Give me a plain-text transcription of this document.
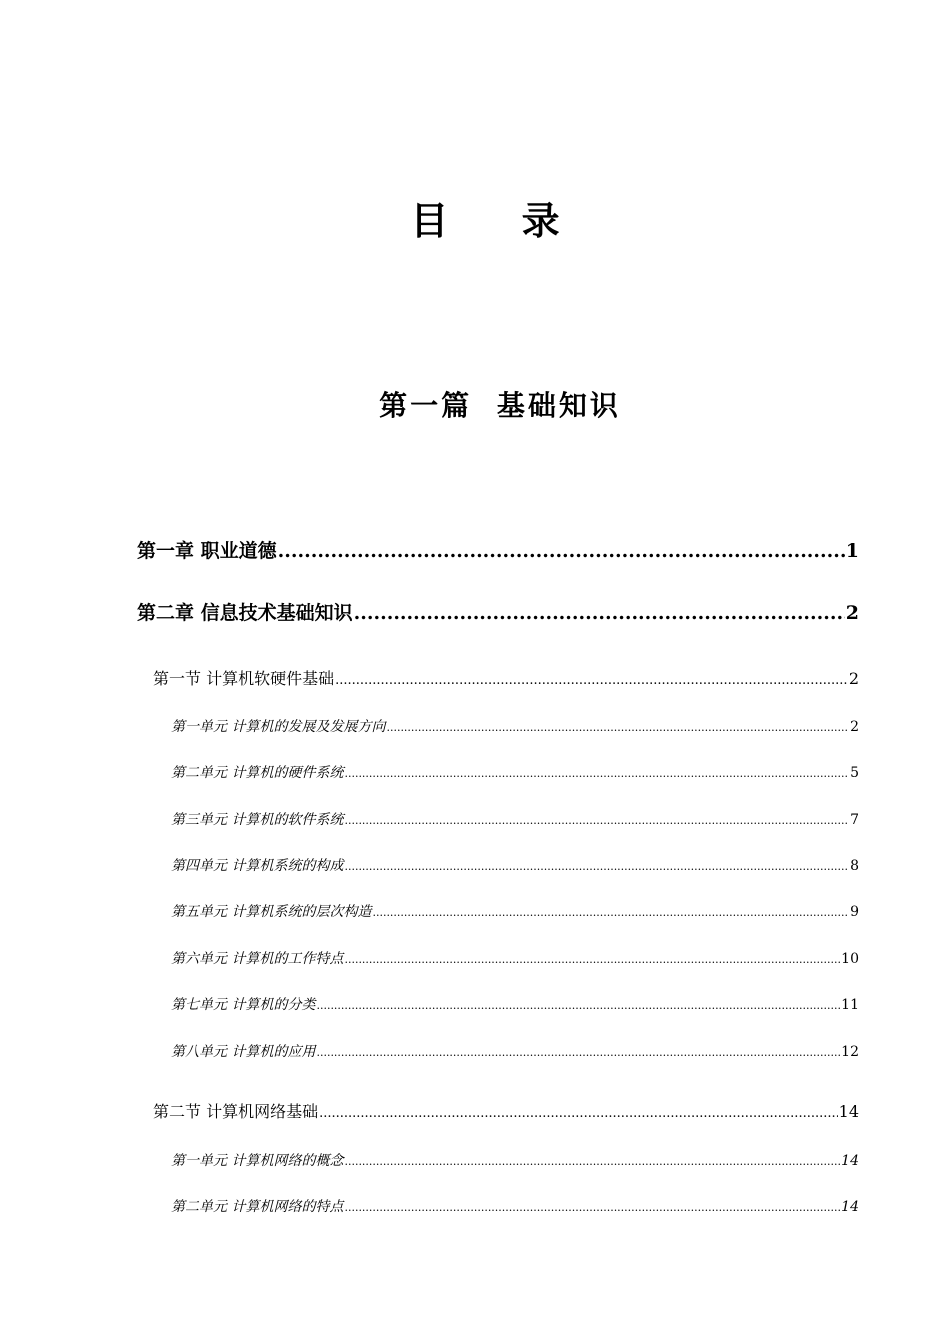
目 录
第一篇 基础知识
第一章 职业道德 .....	1
第二章 信息技术基础知识 .....	2
第一节 计算机软硬件基础 .....	2
第一单元 计算机的发展及发展方向 .....	2
第二单元 计算机的硬件系统 .....	5
第三单元 计算机的软件系统 .....	7
第四单元 计算机系统的构成 .....	8
第五单元 计算机系统的层次构造 .....	9
第六单元 计算机的工作特点 .....	10
第七单元 计算机的分类 .....	11
第八单元 计算机的应用 .....	12
第二节 计算机网络基础 .....	14
第一单元 计算机网络的概念 .....	14
第二单元 计算机网络的特点 .....	14
